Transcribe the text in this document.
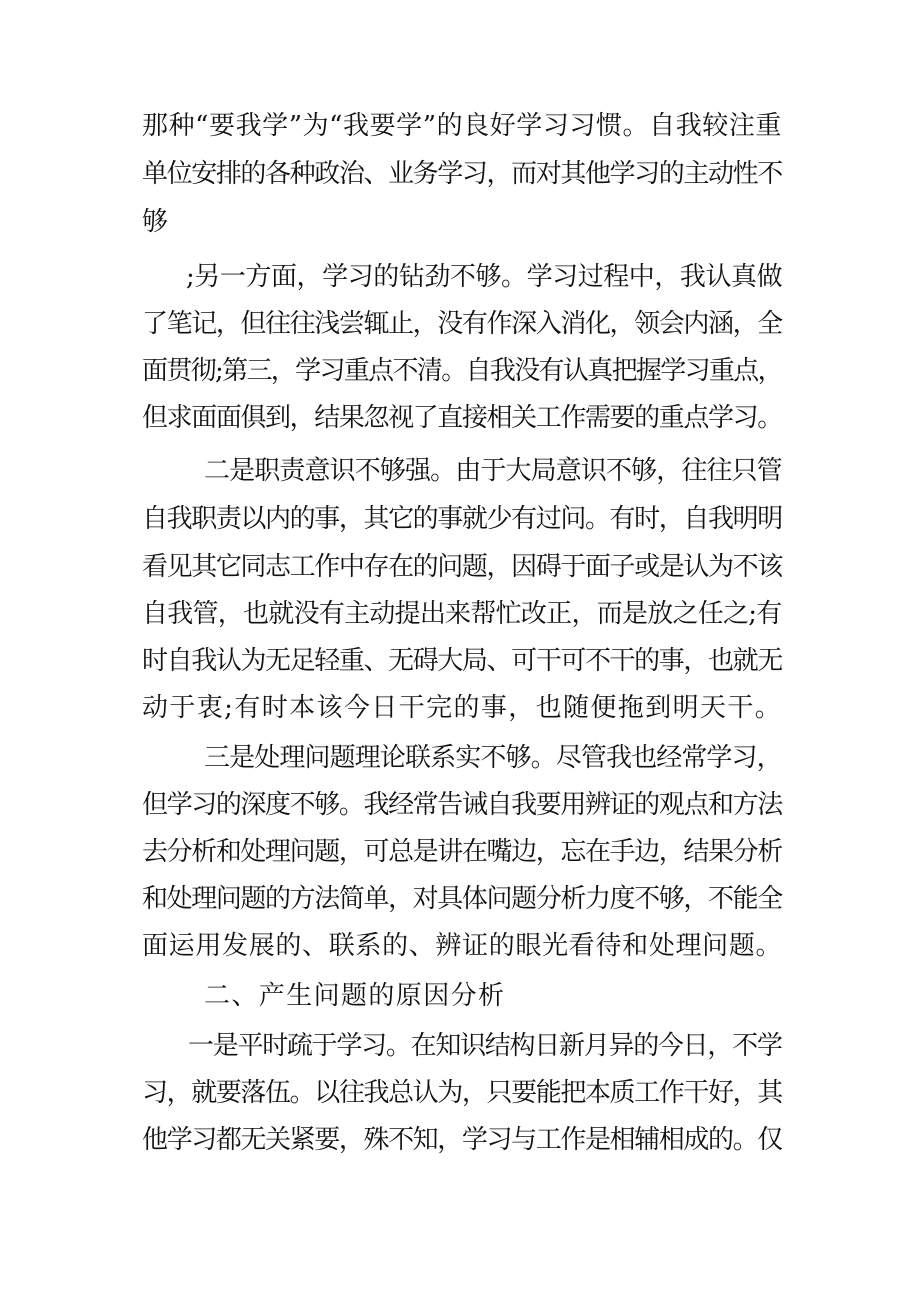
那种“要我学”为“我要学”的良好学习习惯。自我较注重
单位安排的各种政治、业务学习，而对其他学习的主动性不
够
;另一方面，学习的钻劲不够。学习过程中，我认真做
了笔记，但往往浅尝辄止，没有作深入消化，领会内涵，全
面贯彻;第三，学习重点不清。自我没有认真把握学习重点，
但求面面俱到，结果忽视了直接相关工作需要的重点学习。
二是职责意识不够强。由于大局意识不够，往往只管
自我职责以内的事，其它的事就少有过问。有时，自我明明
看见其它同志工作中存在的问题，因碍于面子或是认为不该
自我管，也就没有主动提出来帮忙改正，而是放之任之;有
时自我认为无足轻重、无碍大局、可干可不干的事，也就无
动于衷;有时本该今日干完的事，也随便拖到明天干。
三是处理问题理论联系实不够。尽管我也经常学习，
但学习的深度不够。我经常告诫自我要用辨证的观点和方法
去分析和处理问题，可总是讲在嘴边，忘在手边，结果分析
和处理问题的方法简单，对具体问题分析力度不够，不能全
面运用发展的、联系的、辨证的眼光看待和处理问题。
二、产生问题的原因分析
一是平时疏于学习。在知识结构日新月异的今日，不学
习，就要落伍。以往我总认为，只要能把本质工作干好，其
他学习都无关紧要，殊不知，学习与工作是相辅相成的。仅
